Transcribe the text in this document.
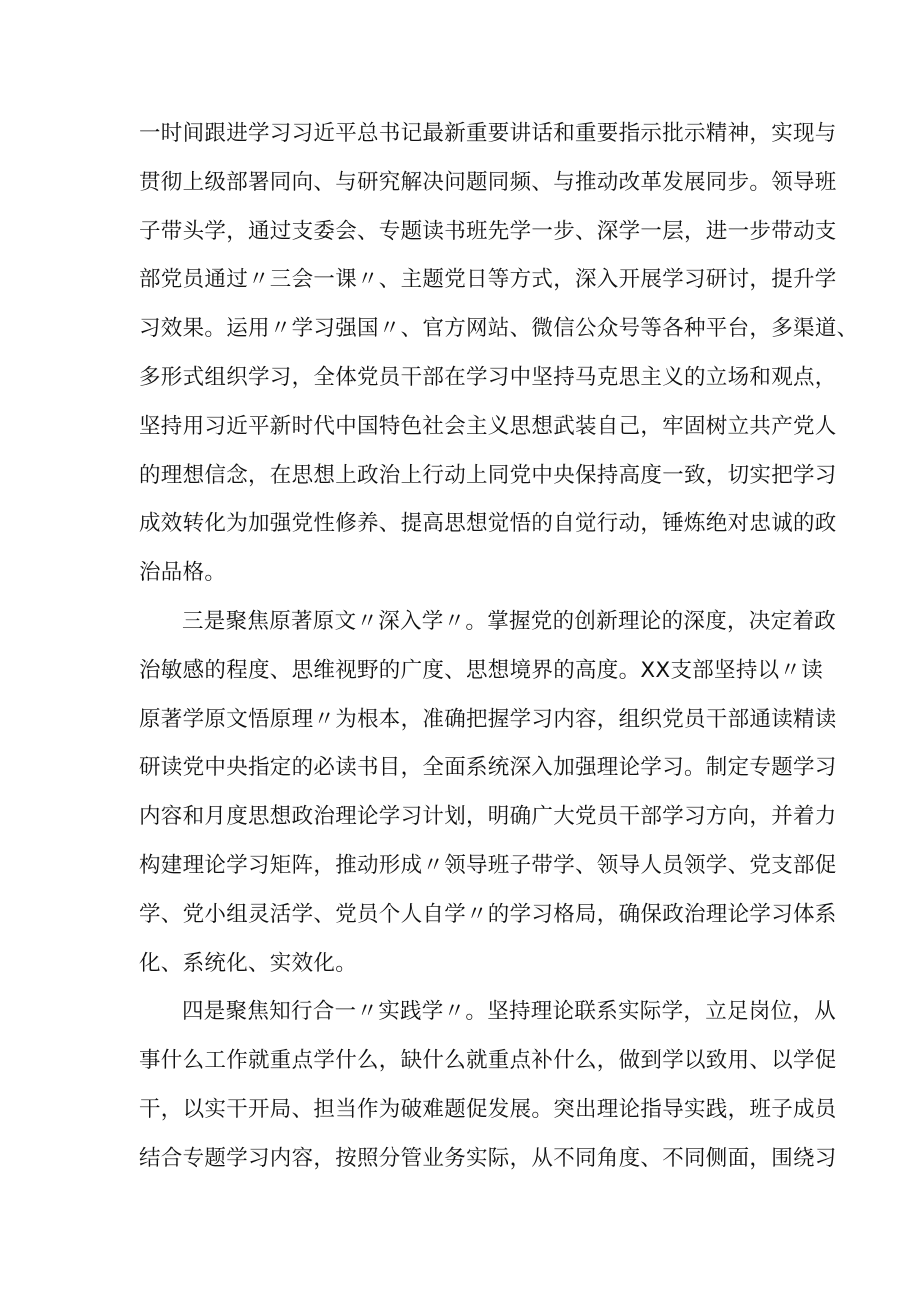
一时间跟进学习习近平总书记最新重要讲话和重要指示批示精神，实现与
贯彻上级部署同向、与研究解决问题同频、与推动改革发展同步。领导班
子带头学，通过支委会、专题读书班先学一步、深学一层，进一步带动支
部党员通过〃三会一课〃、主题党日等方式，深入开展学习研讨，提升学
习效果。运用〃学习强国〃、官方网站、微信公众号等各种平台，多渠道、
多形式组织学习，全体党员干部在学习中坚持马克思主义的立场和观点，
坚持用习近平新时代中国特色社会主义思想武装自己，牢固树立共产党人
的理想信念，在思想上政治上行动上同党中央保持高度一致，切实把学习
成效转化为加强党性修养、提高思想觉悟的自觉行动，锤炼绝对忠诚的政
治品格。
三是聚焦原著原文〃深入学〃。掌握党的创新理论的深度，决定着政
治敏感的程度、思维视野的广度、思想境界的高度。XX支部坚持以〃读
原著学原文悟原理〃为根本，准确把握学习内容，组织党员干部通读精读
研读党中央指定的必读书目，全面系统深入加强理论学习。制定专题学习
内容和月度思想政治理论学习计划，明确广大党员干部学习方向，并着力
构建理论学习矩阵，推动形成〃领导班子带学、领导人员领学、党支部促
学、党小组灵活学、党员个人自学〃的学习格局，确保政治理论学习体系
化、系统化、实效化。
四是聚焦知行合一〃实践学〃。坚持理论联系实际学，立足岗位，从
事什么工作就重点学什么，缺什么就重点补什么，做到学以致用、以学促
干，以实干开局、担当作为破难题促发展。突出理论指导实践，班子成员
结合专题学习内容，按照分管业务实际，从不同角度、不同侧面，围绕习
